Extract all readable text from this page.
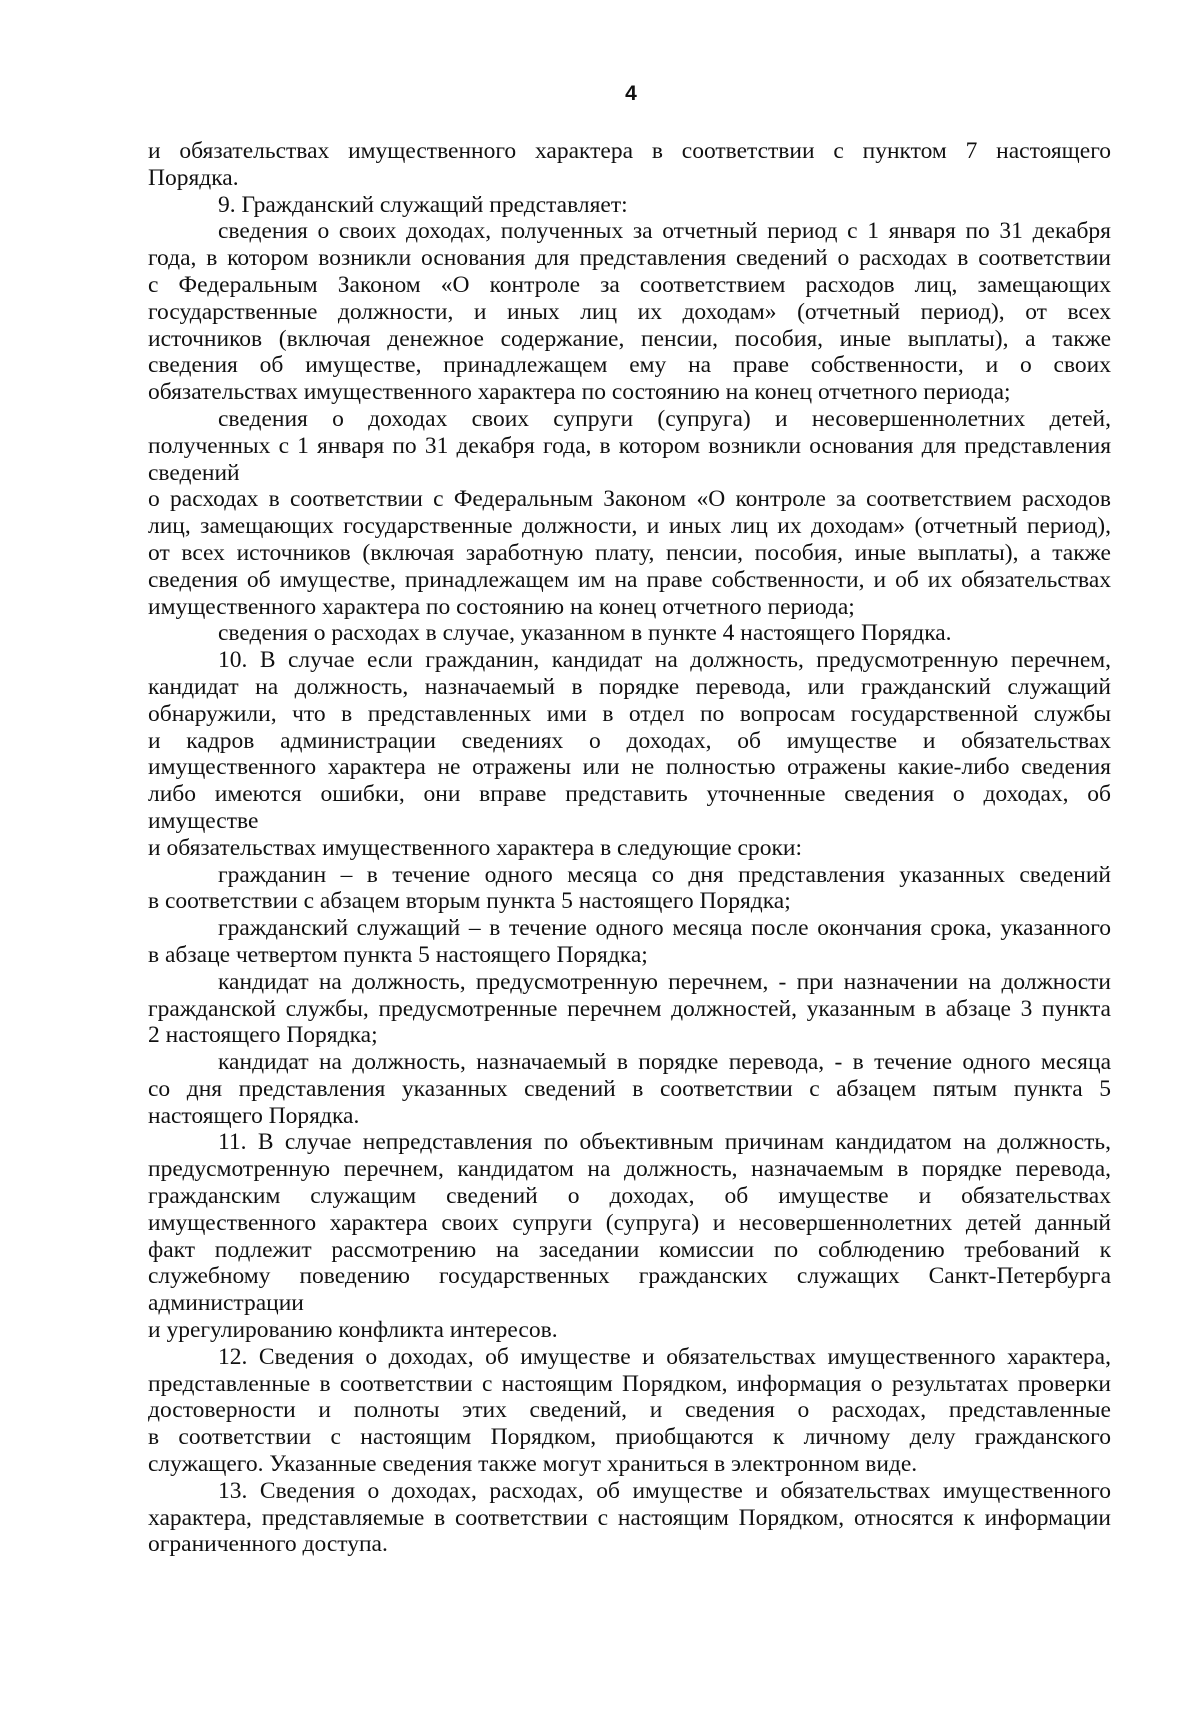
4
и обязательствах имущественного характера в соответствии с пунктом 7 настоящего
Порядка.
9. Гражданский служащий представляет:
сведения о своих доходах, полученных за отчетный период с 1 января по 31 декабря
года, в котором возникли основания для представления сведений о расходах в соответствии
с Федеральным Законом «О контроле за соответствием расходов лиц, замещающих
государственные должности, и иных лиц их доходам» (отчетный период), от всех
источников (включая денежное содержание, пенсии, пособия, иные выплаты), а также
сведения об имуществе, принадлежащем ему на праве собственности, и о своих
обязательствах имущественного характера по состоянию на конец отчетного периода;
сведения о доходах своих супруги (супруга) и несовершеннолетних детей,
полученных с 1 января по 31 декабря года, в котором возникли основания для представления
сведений
о расходах в соответствии с Федеральным Законом «О контроле за соответствием расходов
лиц, замещающих государственные должности, и иных лиц их доходам» (отчетный период),
от всех источников (включая заработную плату, пенсии, пособия, иные выплаты), а также
сведения об имуществе, принадлежащем им на праве собственности, и об их обязательствах
имущественного характера по состоянию на конец отчетного периода;
сведения о расходах в случае, указанном в пункте 4 настоящего Порядка.
10. В случае если гражданин, кандидат на должность, предусмотренную перечнем,
кандидат на должность, назначаемый в порядке перевода, или гражданский служащий
обнаружили, что в представленных ими в отдел по вопросам государственной службы
и кадров администрации сведениях о доходах, об имуществе и обязательствах
имущественного характера не отражены или не полностью отражены какие-либо сведения
либо имеются ошибки, они вправе представить уточненные сведения о доходах, об
имуществе
и обязательствах имущественного характера в следующие сроки:
гражданин – в течение одного месяца со дня представления указанных сведений
в соответствии с абзацем вторым пункта 5 настоящего Порядка;
гражданский служащий – в течение одного месяца после окончания срока, указанного
в абзаце четвертом пункта 5 настоящего Порядка;
кандидат на должность, предусмотренную перечнем, - при назначении на должности
гражданской службы, предусмотренные перечнем должностей, указанным в абзаце 3 пункта
2 настоящего Порядка;
кандидат на должность, назначаемый в порядке перевода, - в течение одного месяца
со дня представления указанных сведений в соответствии с абзацем пятым пункта 5
настоящего Порядка.
11. В случае непредставления по объективным причинам кандидатом на должность,
предусмотренную перечнем, кандидатом на должность, назначаемым в порядке перевода,
гражданским служащим сведений о доходах, об имуществе и обязательствах
имущественного характера своих супруги (супруга) и несовершеннолетних детей данный
факт подлежит рассмотрению на заседании комиссии по соблюдению требований к
служебному поведению государственных гражданских служащих Санкт-Петербурга
администрации
и урегулированию конфликта интересов.
12. Сведения о доходах, об имуществе и обязательствах имущественного характера,
представленные в соответствии с настоящим Порядком, информация о результатах проверки
достоверности и полноты этих сведений, и сведения о расходах, представленные
в соответствии с настоящим Порядком, приобщаются к личному делу гражданского
служащего. Указанные сведения также могут храниться в электронном виде.
13. Сведения о доходах, расходах, об имуществе и обязательствах имущественного
характера, представляемые в соответствии с настоящим Порядком, относятся к информации
ограниченного доступа.
